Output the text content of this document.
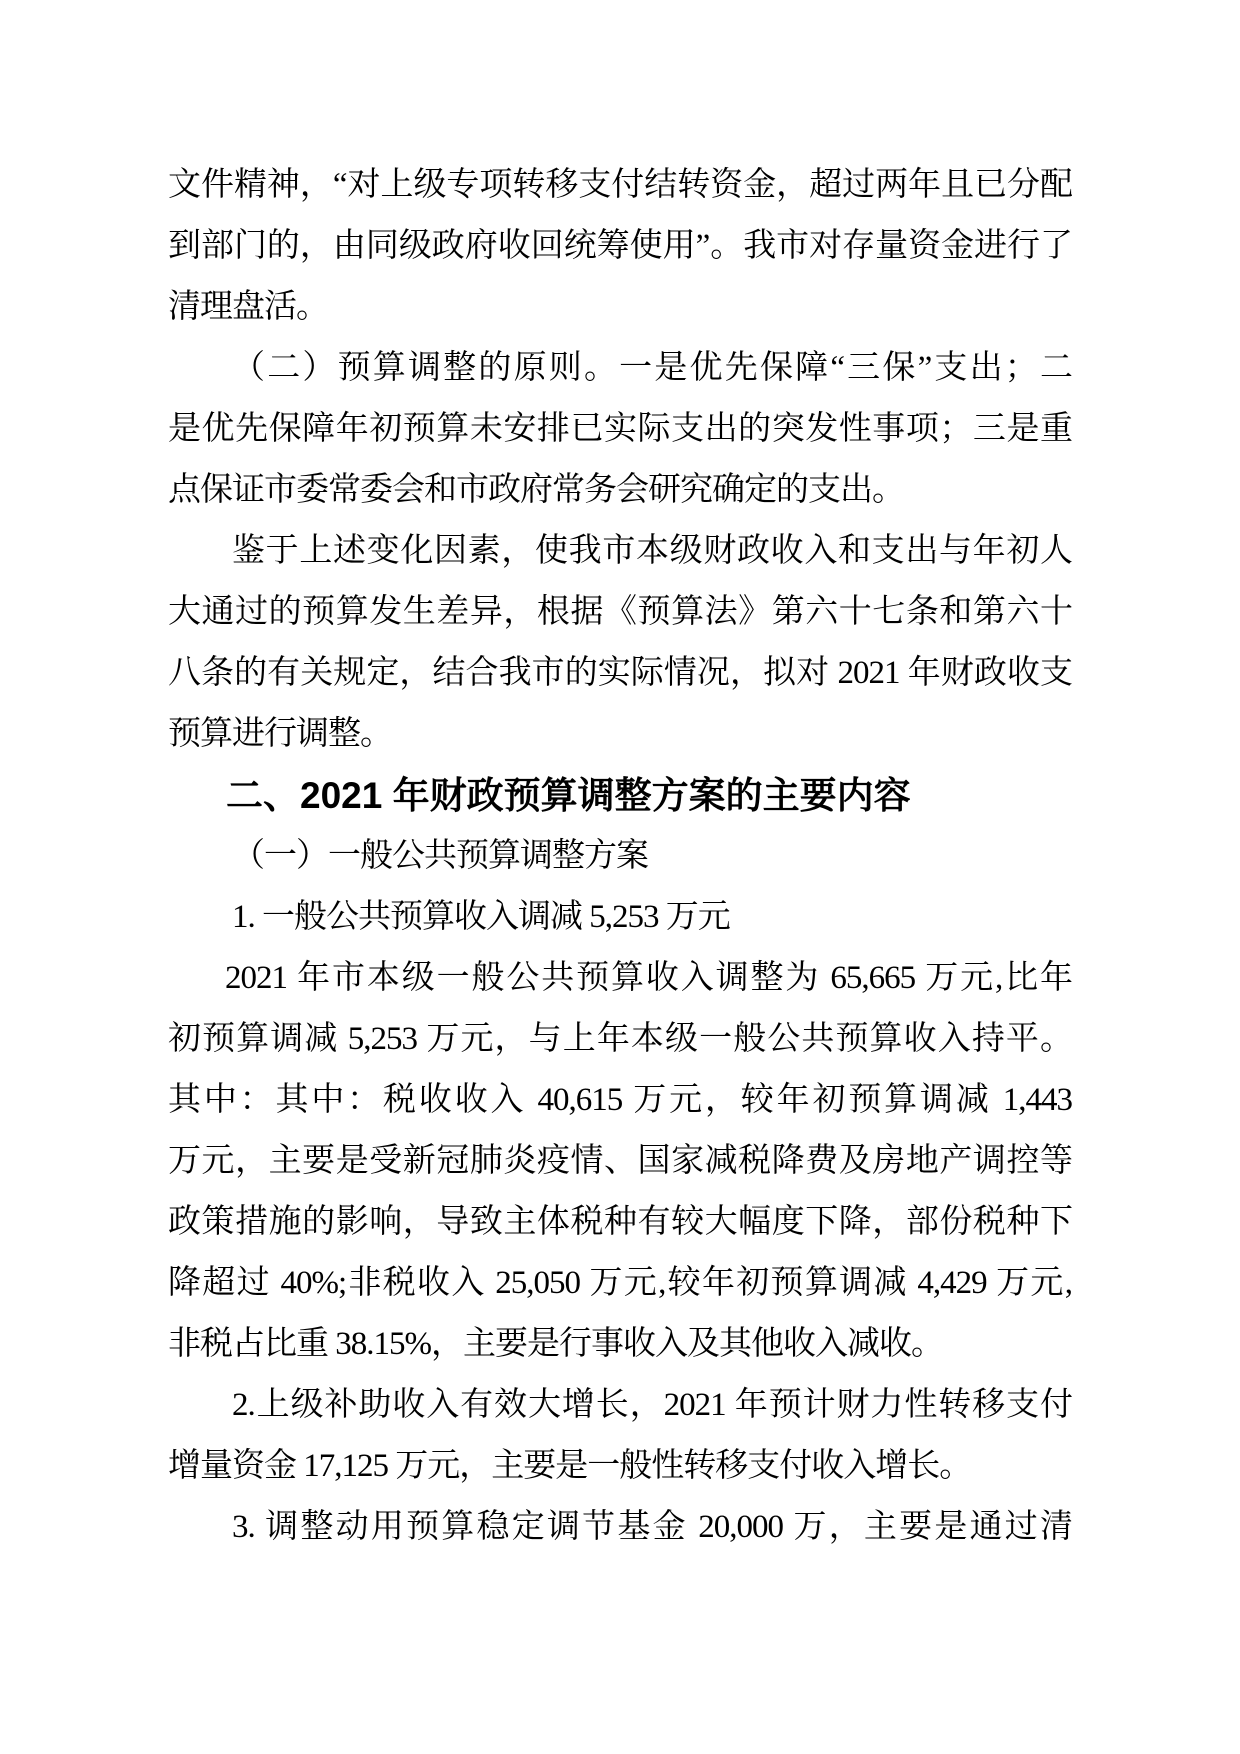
文件精神，“对上级专项转移支付结转资金，超过两年且已分配
到部门的，由同级政府收回统筹使用”。我市对存量资金进行了
清理盘活。
（二）预算调整的原则。一是优先保障“三保”支出；二
是优先保障年初预算未安排已实际支出的突发性事项；三是重
点保证市委常委会和市政府常务会研究确定的支出。
鉴于上述变化因素，使我市本级财政收入和支出与年初人
大通过的预算发生差异，根据《预算法》第六十七条和第六十
八条的有关规定，结合我市的实际情况，拟对 2021 年财政收支
预算进行调整。
二、2021 年财政预算调整方案的主要内容
（一）一般公共预算调整方案
1. 一般公共预算收入调减 5,253 万元
2021 年市本级一般公共预算收入调整为 65,665 万元,比年
初预算调减 5,253 万元，与上年本级一般公共预算收入持平。
其中：其中：税收收入 40,615 万元，较年初预算调减 1,443
万元，主要是受新冠肺炎疫情、国家减税降费及房地产调控等
政策措施的影响，导致主体税种有较大幅度下降，部份税种下
降超过 40%;非税收入 25,050 万元,较年初预算调减 4,429 万元,
非税占比重 38.15%，主要是行事收入及其他收入减收。
2.上级补助收入有效大增长，2021 年预计财力性转移支付
增量资金 17,125 万元，主要是一般性转移支付收入增长。
3. 调整动用预算稳定调节基金 20,000 万，主要是通过清
